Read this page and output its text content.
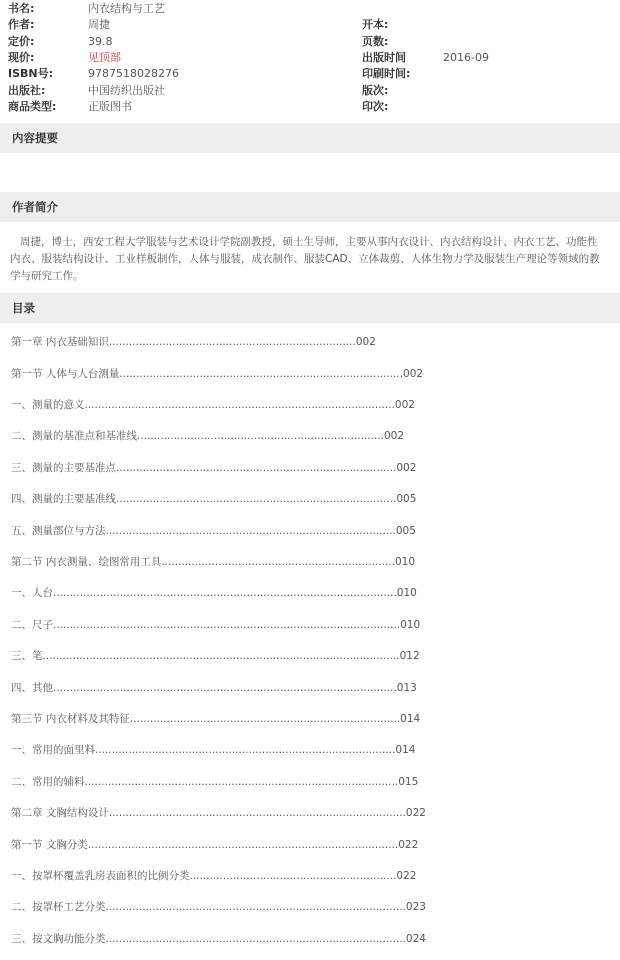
书名:	内衣结构与工艺
作者:	周捷
定价:	39.8
现价:	见顶部
ISBN号:	9787518028276
出版社:	中国纺织出版社
商品类型:	正版图书
开本:
页数:
出版时间	2016-09
印刷时间:
版次:
印次:
内容提要
作者简介
周捷，博士，西安工程大学服装与艺术设计学院副教授，硕士生导师，主要从事内衣设计、内衣结构设计、内衣工艺、功能性内衣、服装结构设计、工业样板制作，人体与服装，成衣制作、服装CAD、立体裁剪、人体生物力学及服装生产理论等领域的教学与研究工作。
目录
第一章 内衣基础知识..........................................................................002
第一节 人体与人台测量.....................................................................................002
一、测量的意义.............................................................................................002
二、测量的基准点和基准线..........................................................................002
三、测量的主要基准点....................................................................................002
四、测量的主要基准线....................................................................................005
五、测量部位与方法.......................................................................................005
第二节 内衣测量、绘图常用工具......................................................................010
一、人台.......................................................................................................010
二、尺子........................................................................................................010
三、笔...........................................................................................................012
四、其他.......................................................................................................013
第三节 内衣材料及其特征.................................................................................014
一、常用的面里料..........................................................................................014
二、常用的辅料..............................................................................................015
第二章 文胸结构设计.........................................................................................022
第一节 文胸分类.............................................................................................022
一、按罩杯覆盖乳房表面积的比例分类..............................................................022
二、按罩杯工艺分类..........................................................................................023
三、按文胸功能分类..........................................................................................024
